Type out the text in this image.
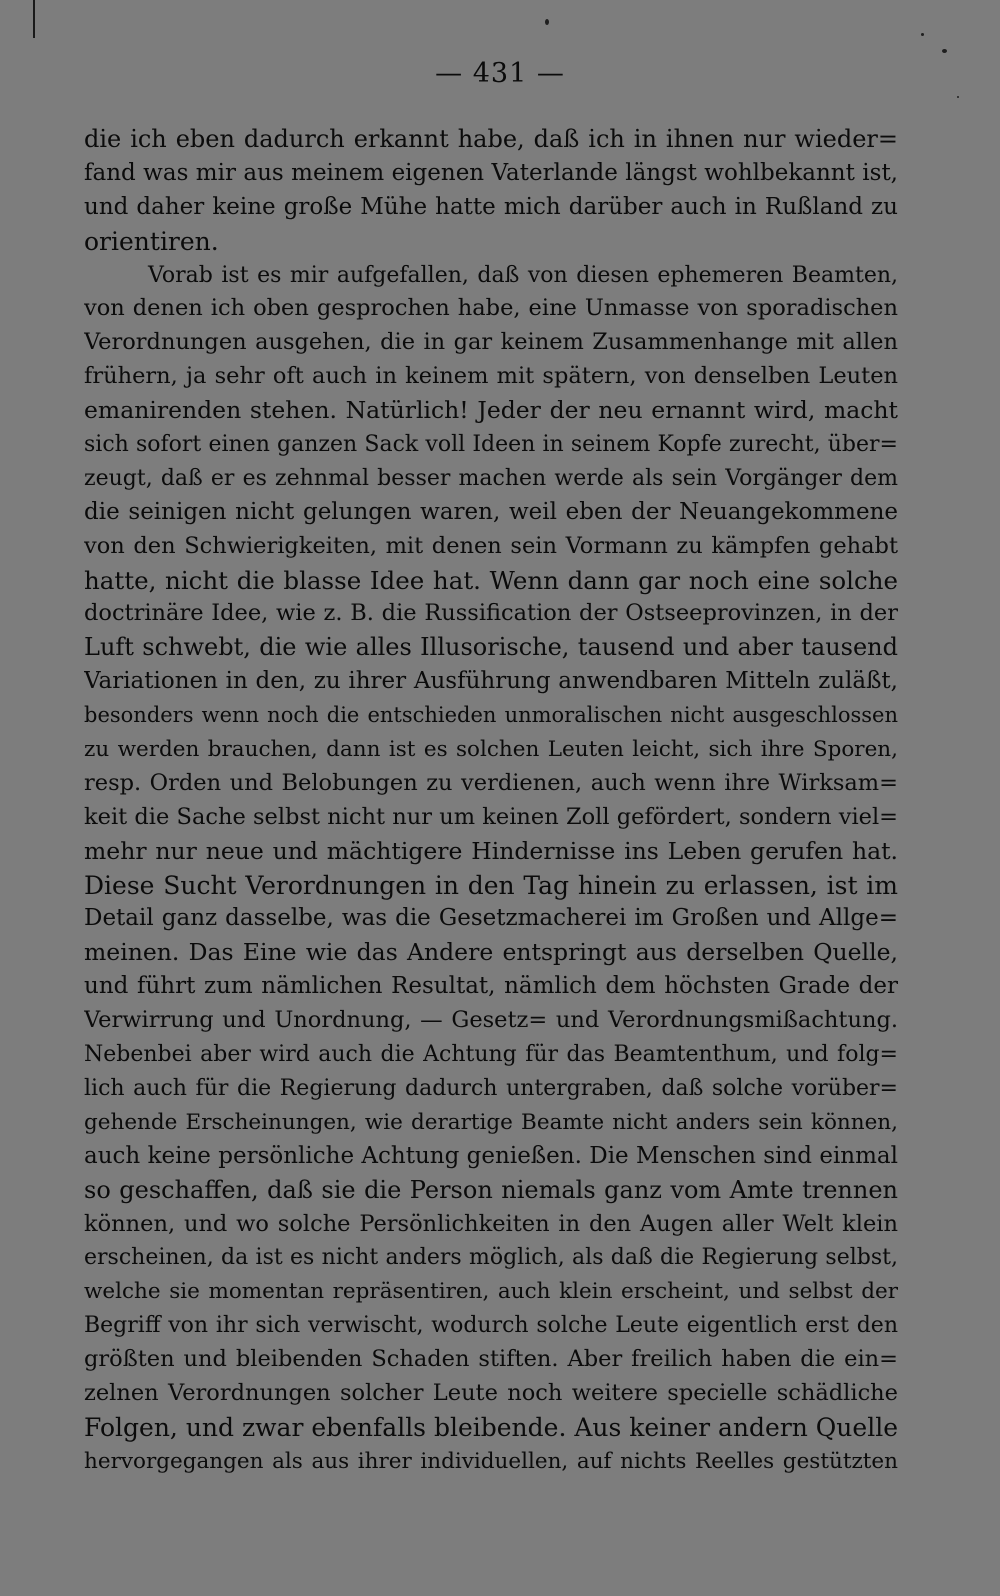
— 431 —
die ich eben dadurch erkannt habe, daß ich in ihnen nur wieder=
fand was mir aus meinem eigenen Vaterlande längst wohlbekannt ist,
und daher keine große Mühe hatte mich darüber auch in Rußland zu
orientiren.
Vorab ist es mir aufgefallen, daß von diesen ephemeren Beamten,
von denen ich oben gesprochen habe, eine Unmasse von sporadischen
Verordnungen ausgehen, die in gar keinem Zusammenhange mit allen
frühern, ja sehr oft auch in keinem mit spätern, von denselben Leuten
emanirenden stehen. Natürlich! Jeder der neu ernannt wird, macht
sich sofort einen ganzen Sack voll Ideen in seinem Kopfe zurecht, über=
zeugt, daß er es zehnmal besser machen werde als sein Vorgänger dem
die seinigen nicht gelungen waren, weil eben der Neuangekommene
von den Schwierigkeiten, mit denen sein Vormann zu kämpfen gehabt
hatte, nicht die blasse Idee hat. Wenn dann gar noch eine solche
doctrinäre Idee, wie z. B. die Russification der Ostseeprovinzen, in der
Luft schwebt, die wie alles Illusorische, tausend und aber tausend
Variationen in den, zu ihrer Ausführung anwendbaren Mitteln zuläßt,
besonders wenn noch die entschieden unmoralischen nicht ausgeschlossen
zu werden brauchen, dann ist es solchen Leuten leicht, sich ihre Sporen,
resp. Orden und Belobungen zu verdienen, auch wenn ihre Wirksam=
keit die Sache selbst nicht nur um keinen Zoll gefördert, sondern viel=
mehr nur neue und mächtigere Hindernisse ins Leben gerufen hat.
Diese Sucht Verordnungen in den Tag hinein zu erlassen, ist im
Detail ganz dasselbe, was die Gesetzmacherei im Großen und Allge=
meinen. Das Eine wie das Andere entspringt aus derselben Quelle,
und führt zum nämlichen Resultat, nämlich dem höchsten Grade der
Verwirrung und Unordnung, — Gesetz= und Verordnungsmißachtung.
Nebenbei aber wird auch die Achtung für das Beamtenthum, und folg=
lich auch für die Regierung dadurch untergraben, daß solche vorüber=
gehende Erscheinungen, wie derartige Beamte nicht anders sein können,
auch keine persönliche Achtung genießen. Die Menschen sind einmal
so geschaffen, daß sie die Person niemals ganz vom Amte trennen
können, und wo solche Persönlichkeiten in den Augen aller Welt klein
erscheinen, da ist es nicht anders möglich, als daß die Regierung selbst,
welche sie momentan repräsentiren, auch klein erscheint, und selbst der
Begriff von ihr sich verwischt, wodurch solche Leute eigentlich erst den
größten und bleibenden Schaden stiften. Aber freilich haben die ein=
zelnen Verordnungen solcher Leute noch weitere specielle schädliche
Folgen, und zwar ebenfalls bleibende. Aus keiner andern Quelle
hervorgegangen als aus ihrer individuellen, auf nichts Reelles gestützten
